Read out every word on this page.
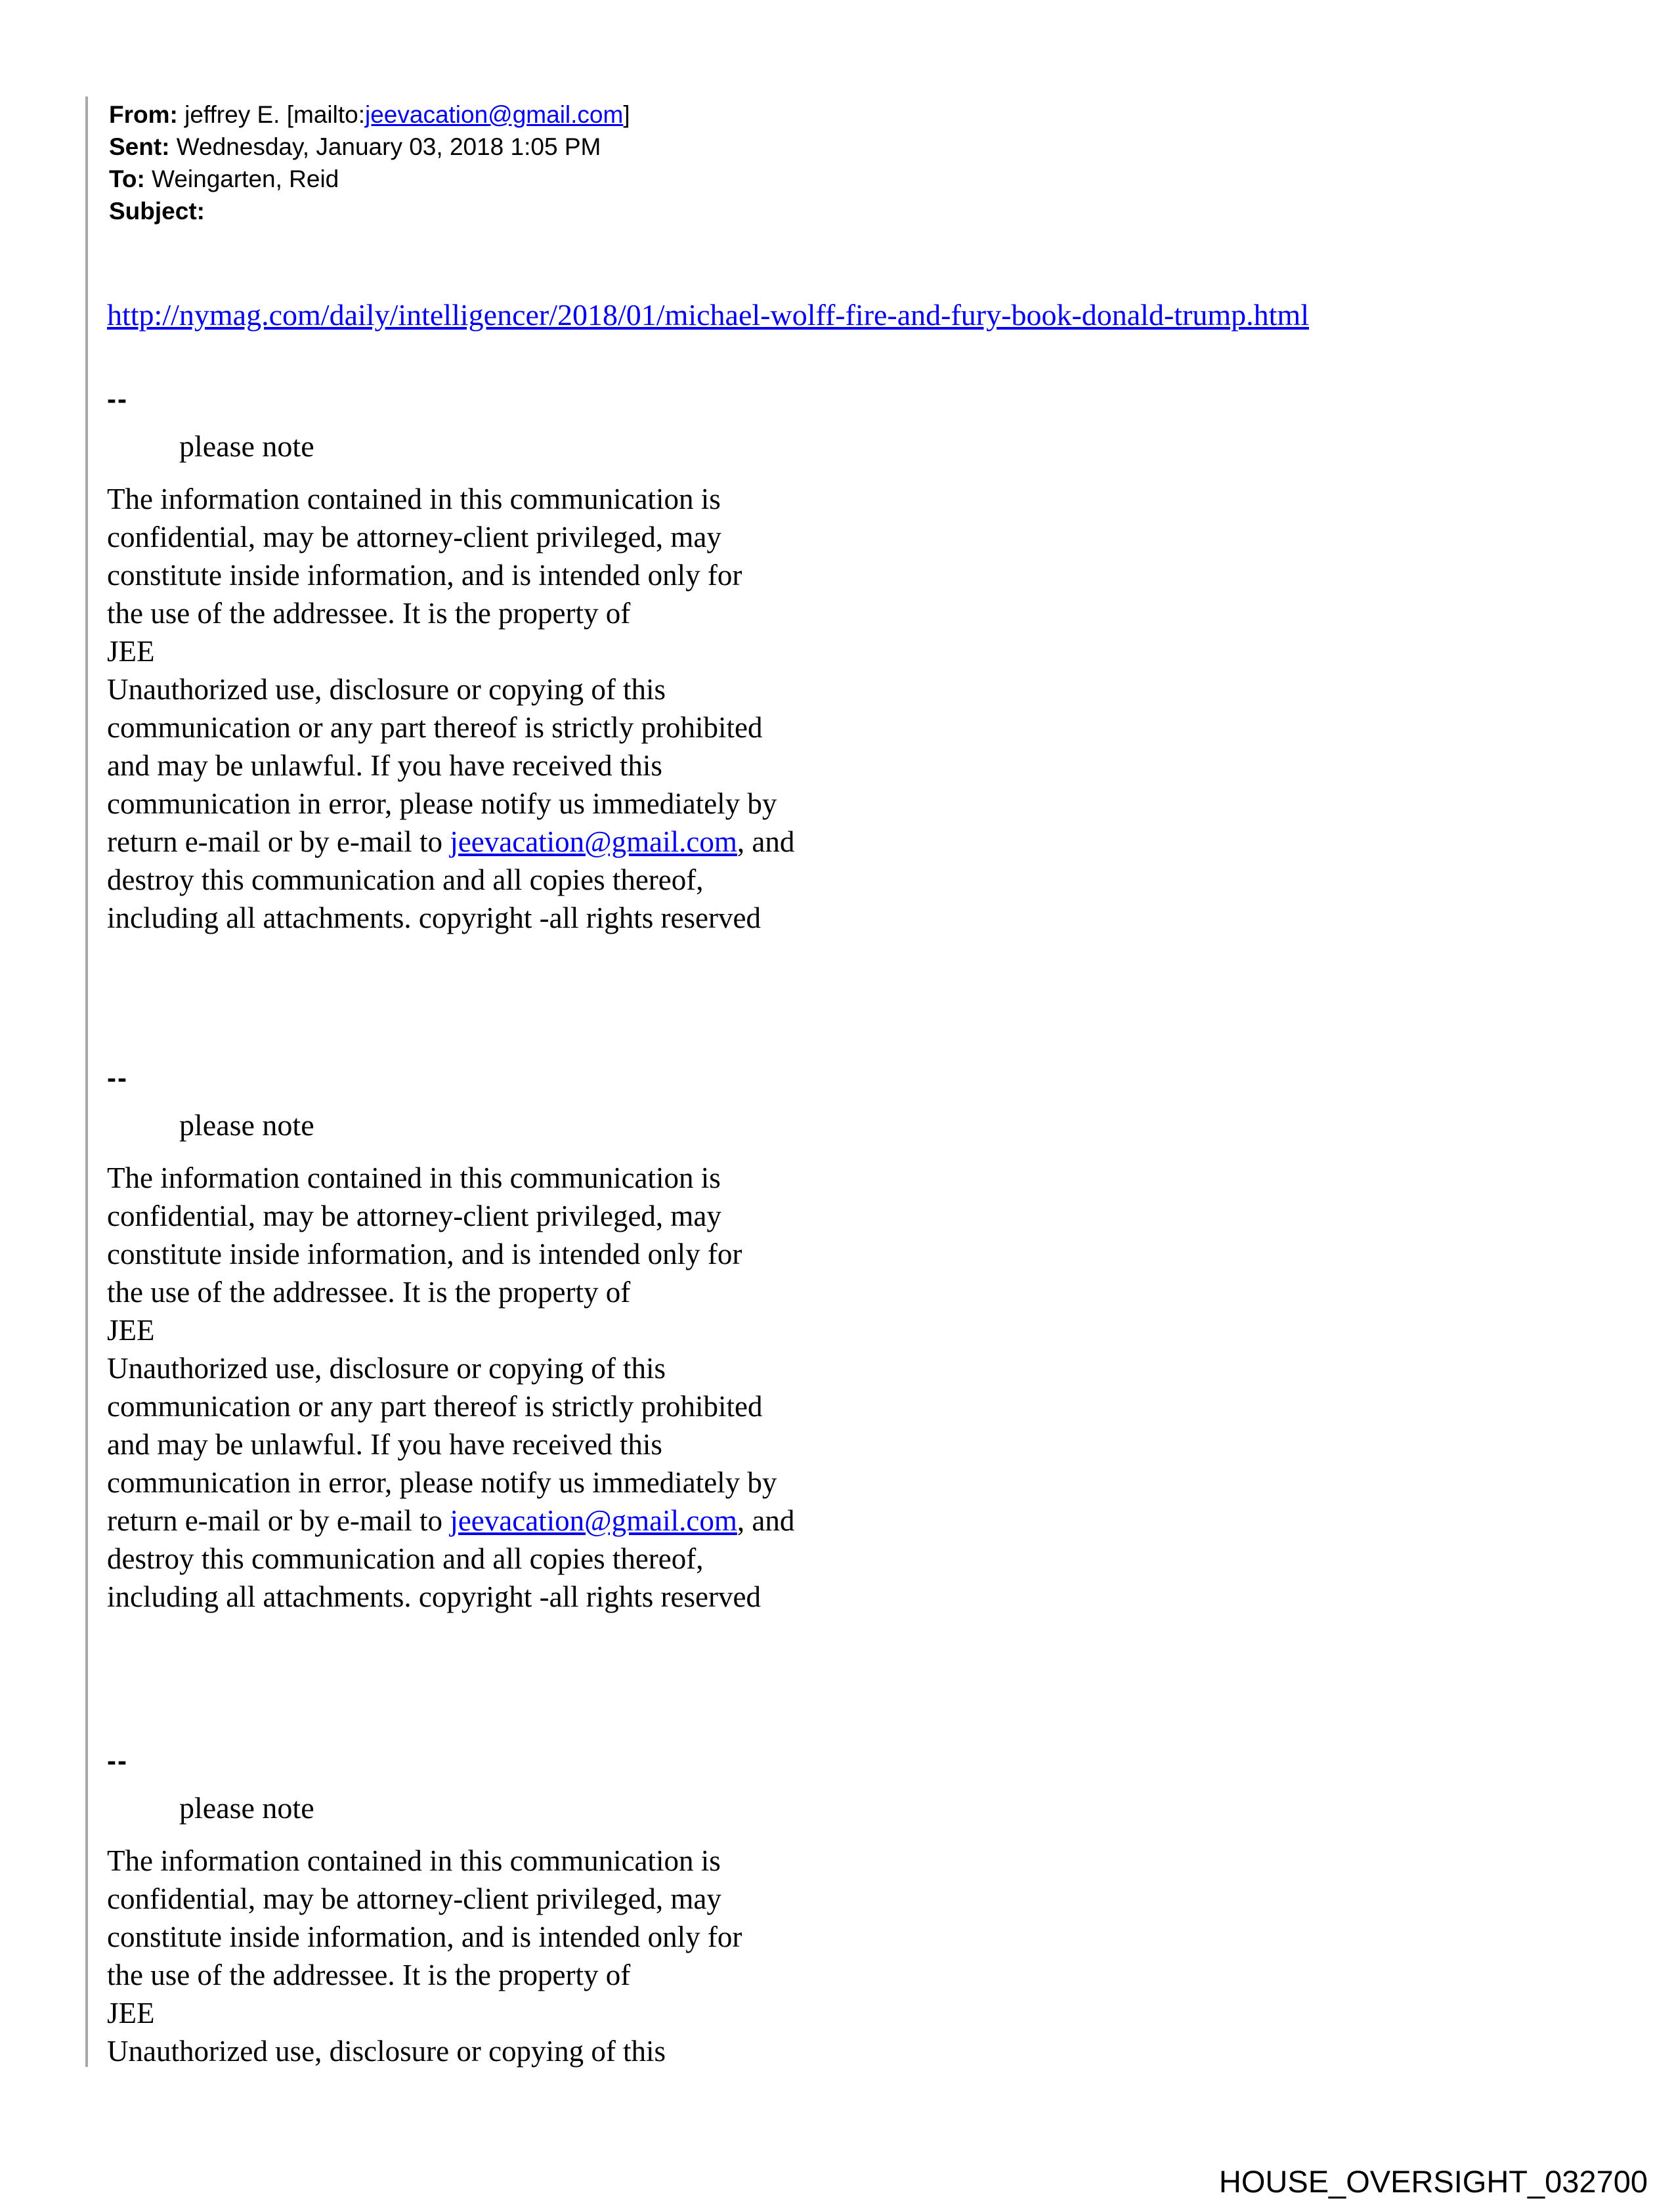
From: jeffrey E. [mailto:jeevacation@gmail.com]
Sent: Wednesday, January 03, 2018 1:05 PM
To: Weingarten, Reid
Subject:
http://nymag.com/daily/intelligencer/2018/01/michael-wolff-fire-and-fury-book-donald-trump.html
--
please note
The information contained in this communication is
confidential, may be attorney-client privileged, may
constitute inside information, and is intended only for
the use of the addressee. It is the property of
JEE
Unauthorized use, disclosure or copying of this
communication or any part thereof is strictly prohibited
and may be unlawful. If you have received this
communication in error, please notify us immediately by
return e-mail or by e-mail to jeevacation@gmail.com, and
destroy this communication and all copies thereof,
including all attachments. copyright -all rights reserved
--
please note
The information contained in this communication is
confidential, may be attorney-client privileged, may
constitute inside information, and is intended only for
the use of the addressee. It is the property of
JEE
Unauthorized use, disclosure or copying of this
communication or any part thereof is strictly prohibited
and may be unlawful. If you have received this
communication in error, please notify us immediately by
return e-mail or by e-mail to jeevacation@gmail.com, and
destroy this communication and all copies thereof,
including all attachments. copyright -all rights reserved
--
please note
The information contained in this communication is
confidential, may be attorney-client privileged, may
constitute inside information, and is intended only for
the use of the addressee. It is the property of
JEE
Unauthorized use, disclosure or copying of this
HOUSE_OVERSIGHT_032700
